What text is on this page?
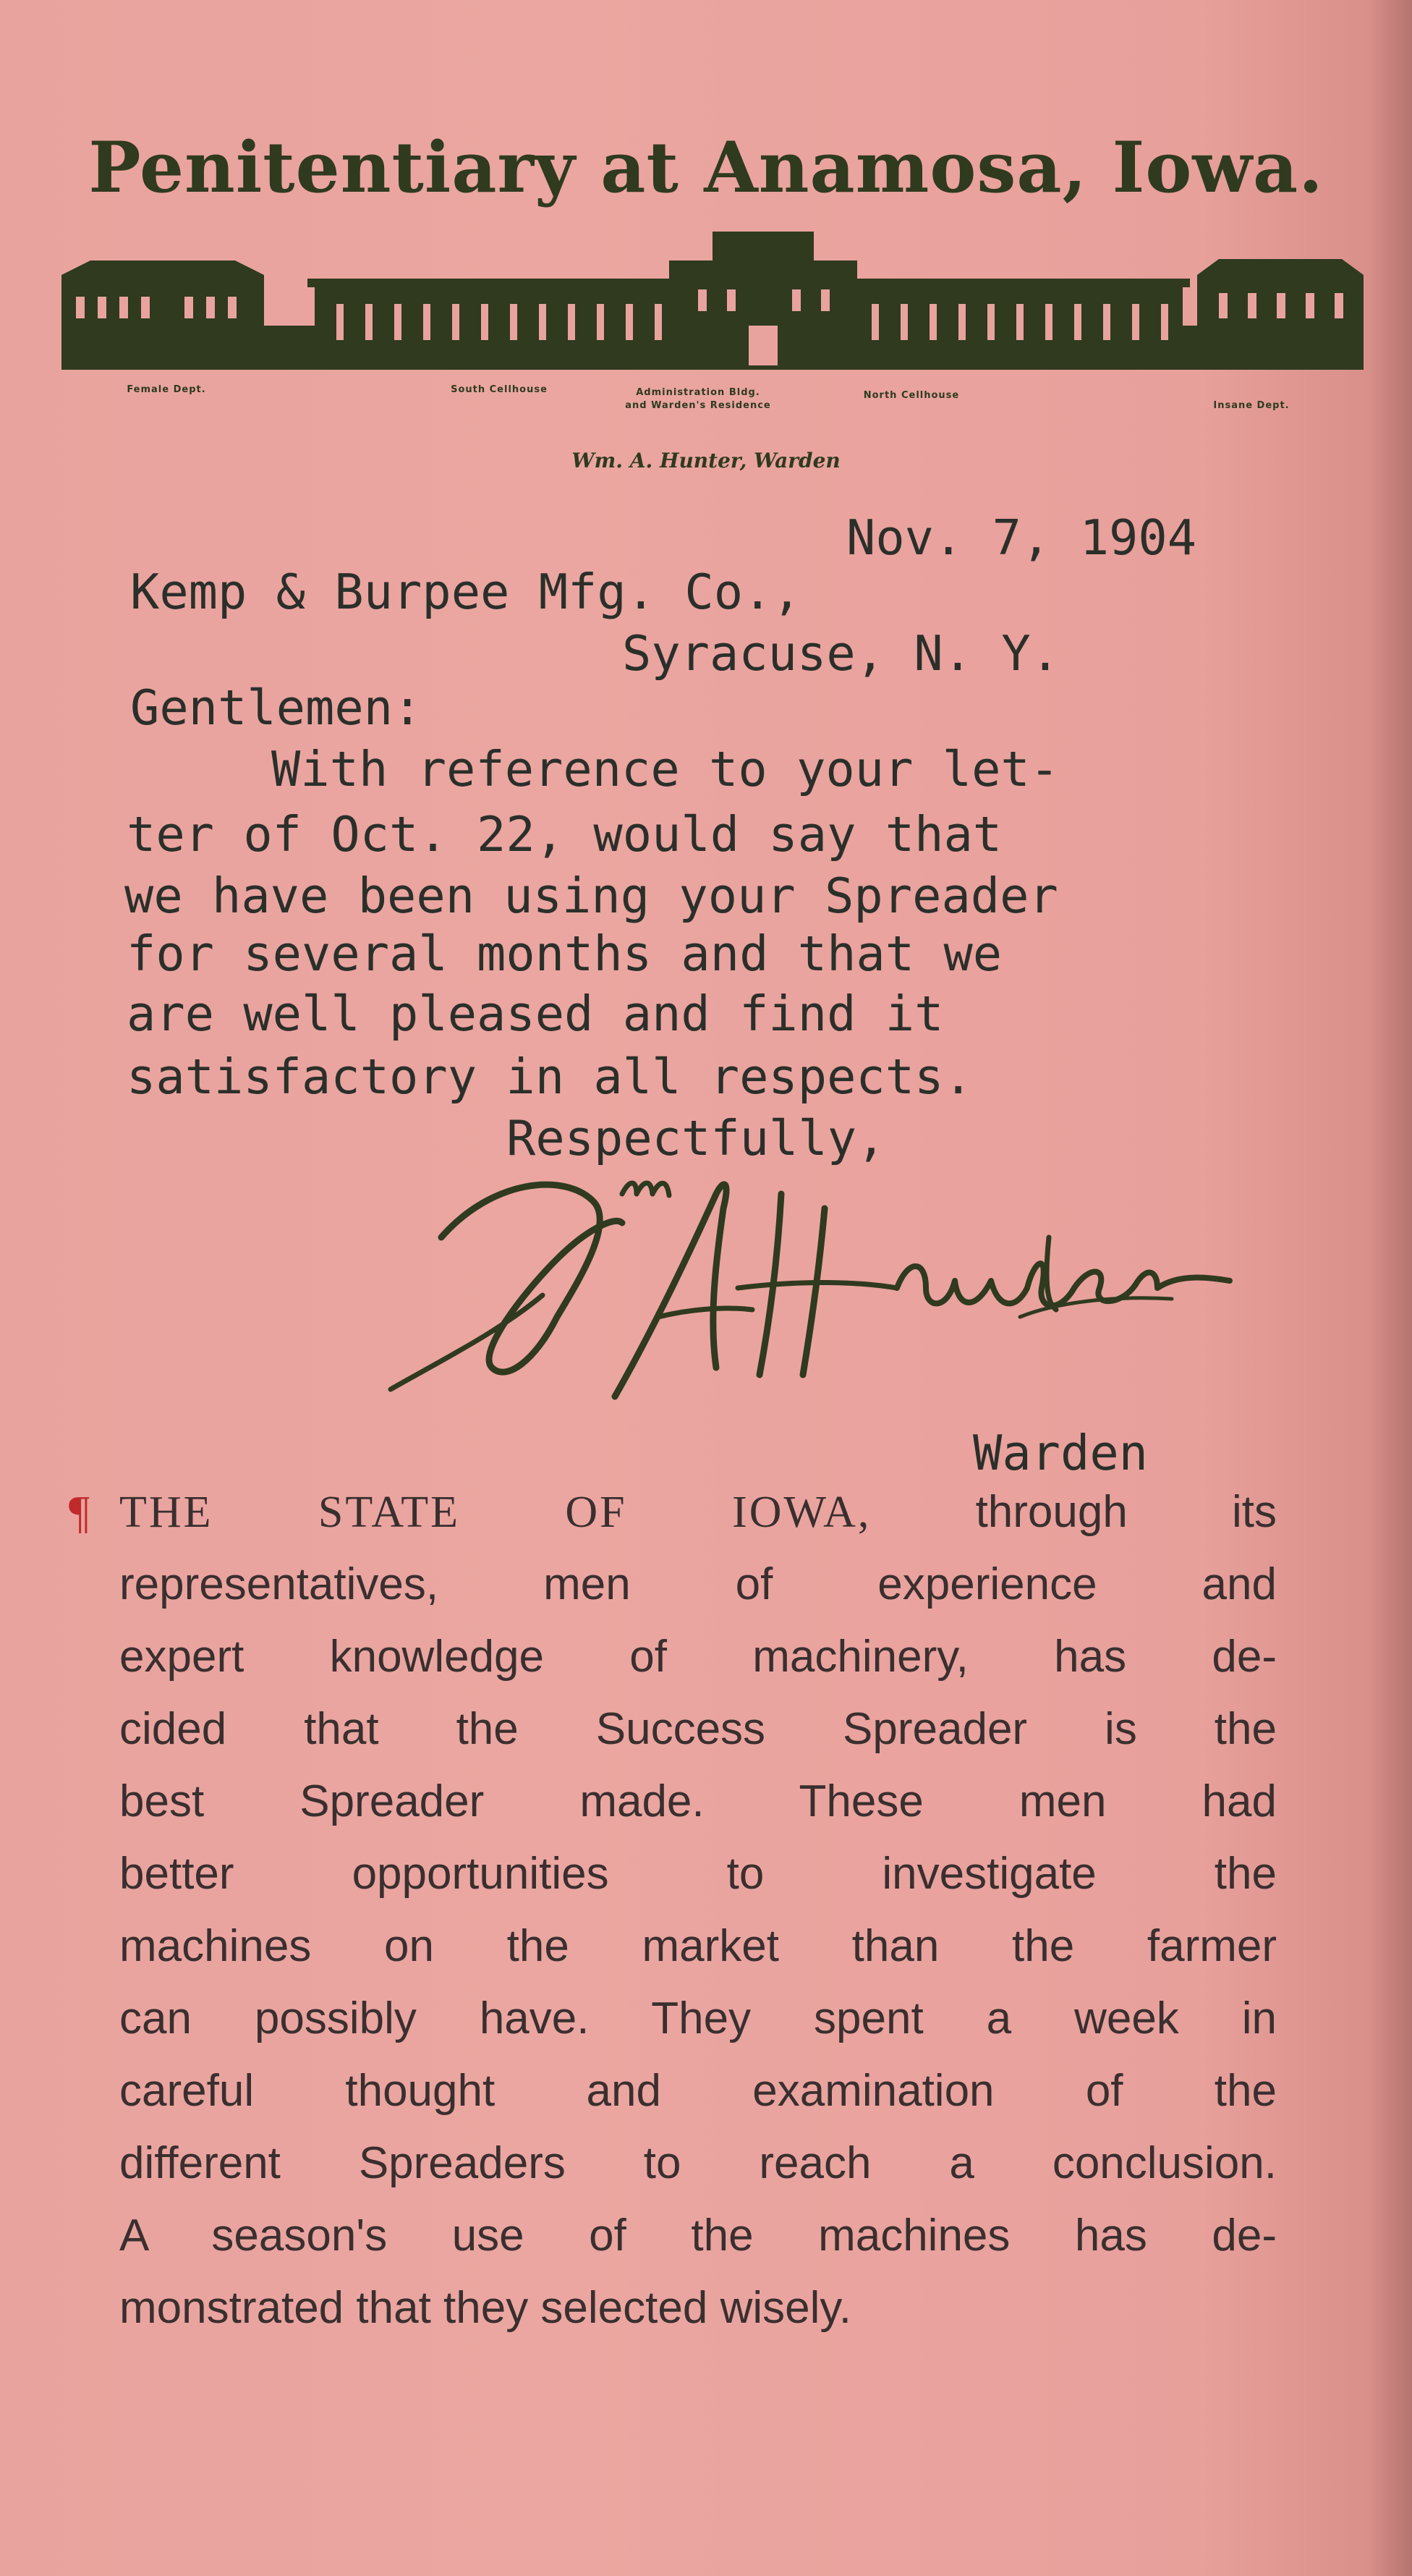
Penitentiary at Anamosa, Iowa.
Female Dept.	South Cellhouse	Administration Bldg.
and Warden's Residence
North Cellhouse
Insane Dept.
Wm. A. Hunter, Warden
Nov. 7, 1904
Kemp & Burpee Mfg. Co.,
Syracuse, N. Y.
Gentlemen:
With reference to your let-
ter of Oct. 22, would say that
we have been using your Spreader
for several months and that we
are well pleased and find it
satisfactory in all respects.
Respectfully,
Warden
¶ THE STATE OF IOWA, through its
representatives, men of experience and
expert knowledge of machinery, has de-
cided that the Success Spreader is the
best Spreader made. These men had
better opportunities to investigate the
machines on the market than the farmer
can possibly have. They spent a week in
careful thought and examination of the
different Spreaders to reach a conclusion.
A season's use of the machines has de-
monstrated that they selected wisely.
